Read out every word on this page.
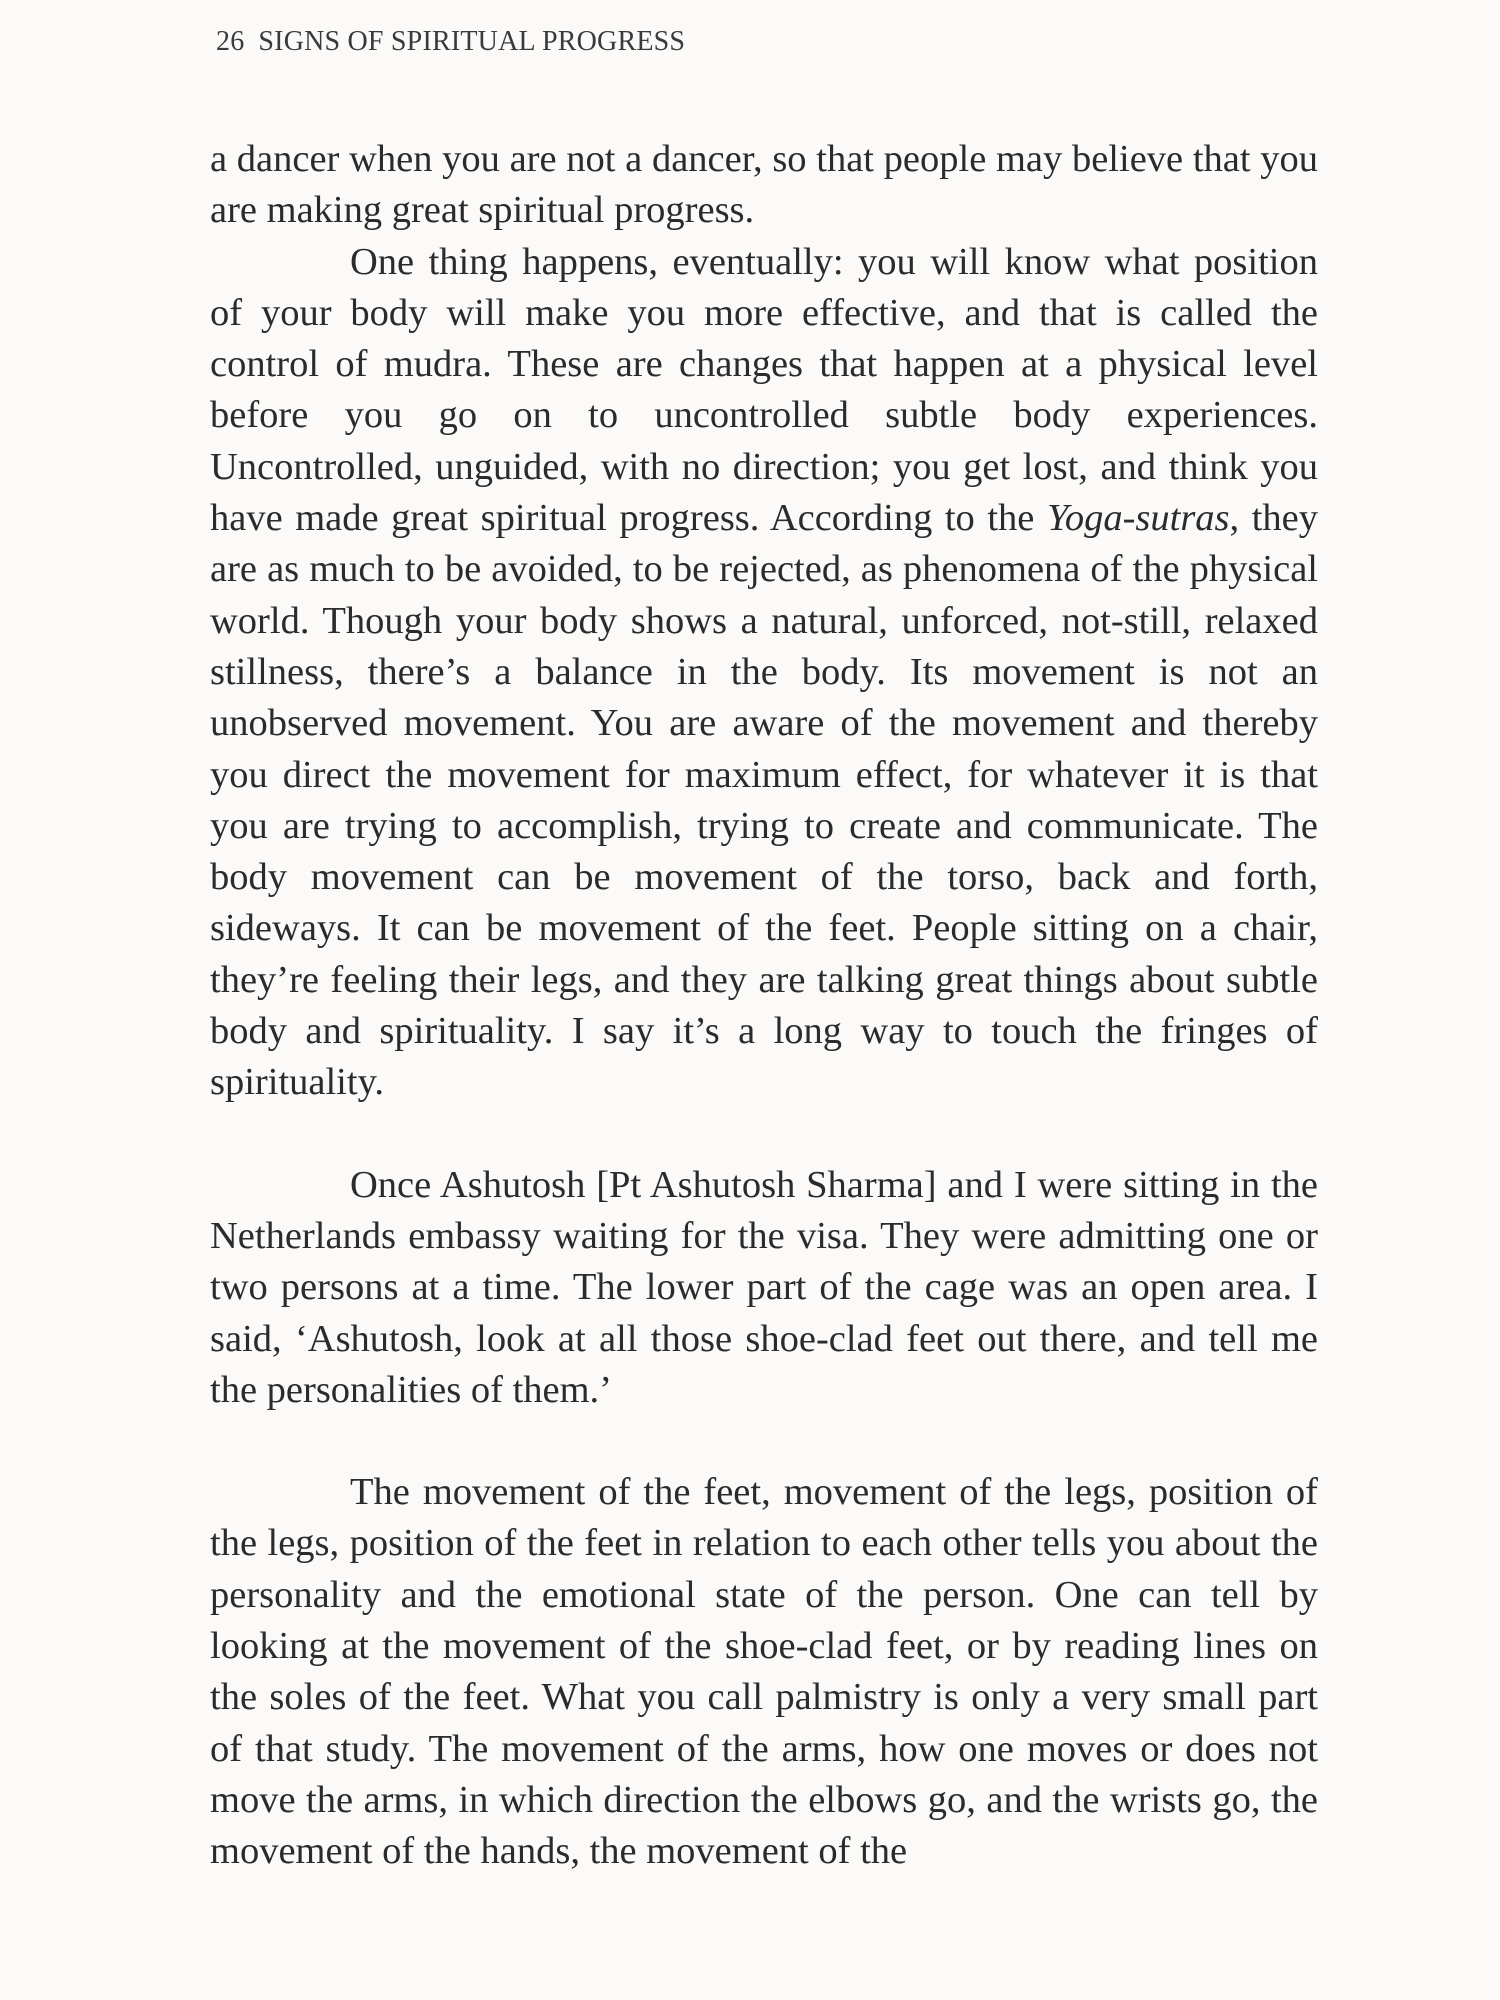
26 SIGNS OF SPIRITUAL PROGRESS

a dancer when you are not a dancer, so that people may believe that you are making great spiritual progress.

One thing happens, eventually: you will know what position of your body will make you more effective, and that is called the control of mudra. These are changes that happen at a physical level before you go on to uncontrolled subtle body experiences. Uncontrolled, unguided, with no direction; you get lost, and think you have made great spiritual progress. According to the Yoga-sutras, they are as much to be avoided, to be rejected, as phenomena of the physical world. Though your body shows a natural, unforced, not-still, relaxed stillness, there’s a balance in the body. Its movement is not an unobserved movement. You are aware of the movement and thereby you direct the movement for maximum effect, for whatever it is that you are trying to accomplish, trying to create and communicate. The body movement can be movement of the torso, back and forth, sideways. It can be movement of the feet. People sitting on a chair, they’re feeling their legs, and they are talking great things about subtle body and spirituality. I say it’s a long way to touch the fringes of spirituality.

Once Ashutosh [Pt Ashutosh Sharma] and I were sitting in the Netherlands embassy waiting for the visa. They were admitting one or two persons at a time. The lower part of the cage was an open area. I said, ‘Ashutosh, look at all those shoe-clad feet out there, and tell me the personalities of them.’

The movement of the feet, movement of the legs, position of the legs, position of the feet in relation to each other tells you about the personality and the emotional state of the person. One can tell by looking at the movement of the shoe-clad feet, or by reading lines on the soles of the feet. What you call palmistry is only a very small part of that study. The movement of the arms, how one moves or does not move the arms, in which direction the elbows go, and the wrists go, the movement of the hands, the movement of the
